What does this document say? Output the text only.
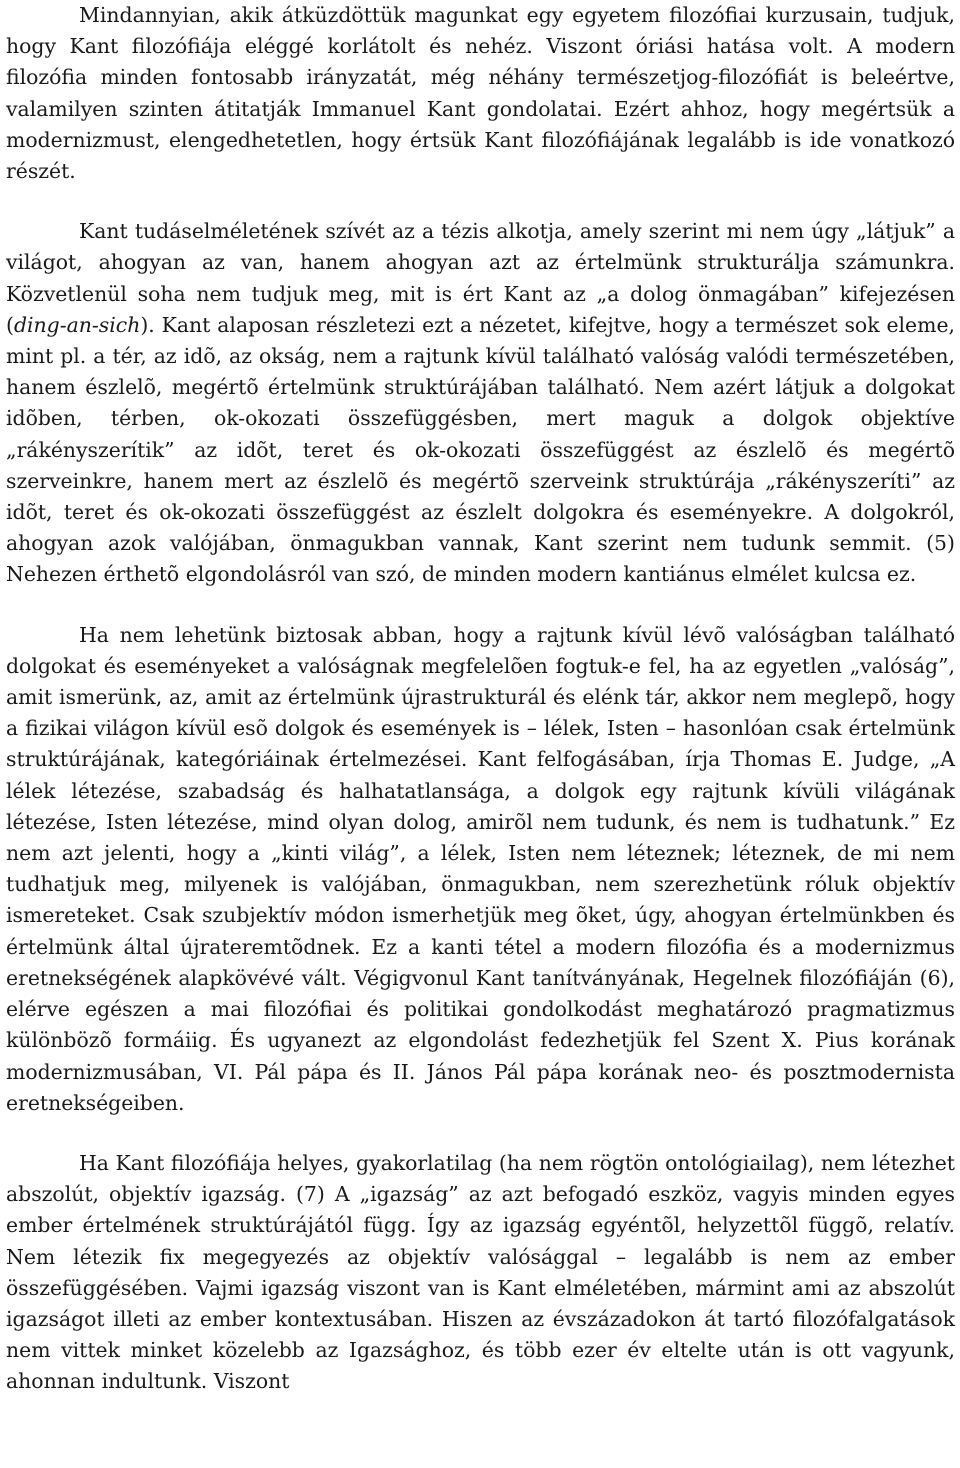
Mindannyian, akik átküzdöttük magunkat egy egyetem filozófiai kurzusain, tudjuk, hogy Kant filozófiája eléggé korlátolt és nehéz. Viszont óriási hatása volt. A modern filozófia minden fontosabb irányzatát, még néhány természetjog-filozófiát is beleértve, valamilyen szinten átitatják Immanuel Kant gondolatai. Ezért ahhoz, hogy megértsük a modernizmust, elengedhetetlen, hogy értsük Kant filozófiájának legalább is ide vonatkozó részét.

Kant tudáselméletének szívét az a tézis alkotja, amely szerint mi nem úgy „látjuk” a világot, ahogyan az van, hanem ahogyan azt az értelmünk strukturálja számunkra. Közvetlenül soha nem tudjuk meg, mit is ért Kant az „a dolog önmagában” kifejezésen (ding-an-sich). Kant alaposan részletezi ezt a nézetet, kifejtve, hogy a természet sok eleme, mint pl. a tér, az idõ, az okság, nem a rajtunk kívül található valóság valódi természetében, hanem észlelõ, megértõ értelmünk struktúrájában található. Nem azért látjuk a dolgokat idõben, térben, ok-okozati összefüggésben, mert maguk a dolgok objektíve „rákényszerítik” az idõt, teret és ok-okozati összefüggést az észlelõ és megértõ szerveinkre, hanem mert az észlelõ és megértõ szerveink struktúrája „rákényszeríti” az idõt, teret és ok-okozati összefüggést az észlelt dolgokra és eseményekre. A dolgokról, ahogyan azok valójában, önmagukban vannak, Kant szerint nem tudunk semmit. (5) Nehezen érthetõ elgondolásról van szó, de minden modern kantiánus elmélet kulcsa ez.

Ha nem lehetünk biztosak abban, hogy a rajtunk kívül lévõ valóságban található dolgokat és eseményeket a valóságnak megfelelõen fogtuk-e fel, ha az egyetlen „valóság”, amit ismerünk, az, amit az értelmünk újrastrukturál és elénk tár, akkor nem meglepõ, hogy a fizikai világon kívül esõ dolgok és események is – lélek, Isten – hasonlóan csak értelmünk struktúrájának, kategóriáinak értelmezései. Kant felfogásában, írja Thomas E. Judge, „A lélek létezése, szabadság és halhatatlansága, a dolgok egy rajtunk kívüli világának létezése, Isten létezése, mind olyan dolog, amirõl nem tudunk, és nem is tudhatunk.” Ez nem azt jelenti, hogy a „kinti világ”, a lélek, Isten nem léteznek; léteznek, de mi nem tudhatjuk meg, milyenek is valójában, önmagukban, nem szerezhetünk róluk objektív ismereteket. Csak szubjektív módon ismerhetjük meg õket, úgy, ahogyan értelmünkben és értelmünk által újrateremtõdnek. Ez a kanti tétel a modern filozófia és a modernizmus eretnekségének alapkövévé vált. Végigvonul Kant tanítványának, Hegelnek filozófiáján (6), elérve egészen a mai filozófiai és politikai gondolkodást meghatározó pragmatizmus különbözõ formáiig. És ugyanezt az elgondolást fedezhetjük fel Szent X. Pius korának modernizmusában, VI. Pál pápa és II. János Pál pápa korának neo- és posztmodernista eretnekségeiben.

Ha Kant filozófiája helyes, gyakorlatilag (ha nem rögtön ontológiailag), nem létezhet abszolút, objektív igazság. (7) A „igazság” az azt befogadó eszköz, vagyis minden egyes ember értelmének struktúrájától függ. Így az igazság egyéntõl, helyzettõl függõ, relatív. Nem létezik fix megegyezés az objektív valósággal – legalább is nem az ember összefüggésében. Vajmi igazság viszont van is Kant elméletében, mármint ami az abszolút igazságot illeti az ember kontextusában. Hiszen az évszázadokon át tartó filozófalgatások nem vittek minket közelebb az Igazsághoz, és több ezer év eltelte után is ott vagyunk, ahonnan indultunk. Viszont
